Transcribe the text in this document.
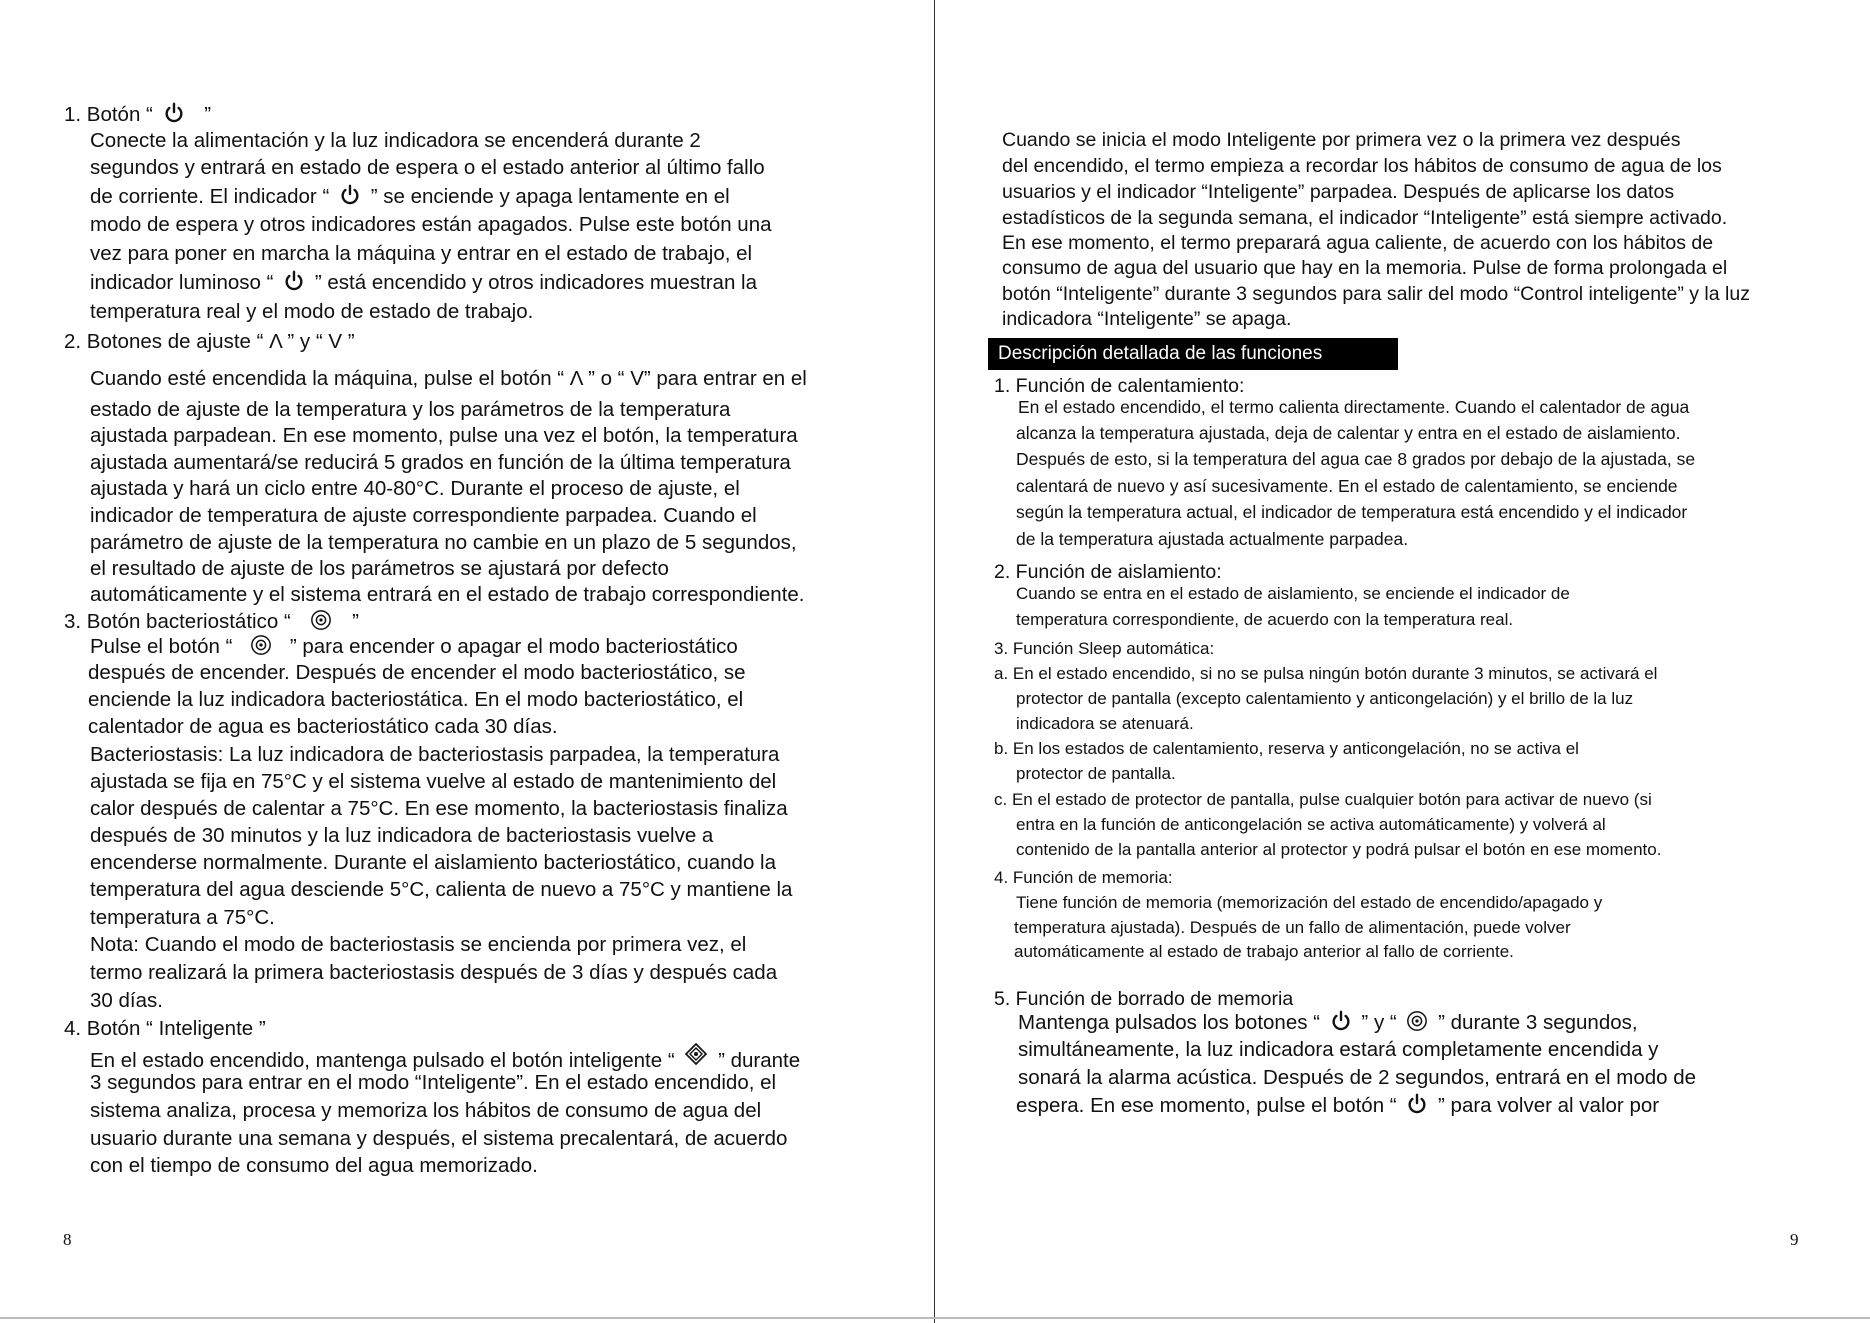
1. Botón “	”
Conecte la alimentación y la luz indicadora se encenderá durante 2
segundos y entrará en estado de espera o el estado anterior al último fallo
de corriente. El indicador “ ” se enciende y apaga lentamente en el
modo de espera y otros indicadores están apagados. Pulse este botón una
vez para poner en marcha la máquina y entrar en el estado de trabajo, el
indicador luminoso “ ” está encendido y otros indicadores muestran la
temperatura real y el modo de estado de trabajo.
2. Botones de ajuste “ Λ ” y “ V ”
Cuando esté encendida la máquina, pulse el botón “ Λ ” o “ V” para entrar en el
estado de ajuste de la temperatura y los parámetros de la temperatura
ajustada parpadean. En ese momento, pulse una vez el botón, la temperatura
ajustada aumentará/se reducirá 5 grados en función de la última temperatura
ajustada y hará un ciclo entre 40-80°C. Durante el proceso de ajuste, el
indicador de temperatura de ajuste correspondiente parpadea. Cuando el
parámetro de ajuste de la temperatura no cambie en un plazo de 5 segundos,
el resultado de ajuste de los parámetros se ajustará por defecto
automáticamente y el sistema entrará en el estado de trabajo correspondiente.
3. Botón bacteriostático “	”
Pulse el botón “	” para encender o apagar el modo bacteriostático
después de encender. Después de encender el modo bacteriostático, se
enciende la luz indicadora bacteriostática. En el modo bacteriostático, el
calentador de agua es bacteriostático cada 30 días.
Bacteriostasis: La luz indicadora de bacteriostasis parpadea, la temperatura
ajustada se fija en 75°C y el sistema vuelve al estado de mantenimiento del
calor después de calentar a 75°C. En ese momento, la bacteriostasis finaliza
después de 30 minutos y la luz indicadora de bacteriostasis vuelve a
encenderse normalmente. Durante el aislamiento bacteriostático, cuando la
temperatura del agua desciende 5°C, calienta de nuevo a 75°C y mantiene la
temperatura a 75°C.
Nota: Cuando el modo de bacteriostasis se encienda por primera vez, el
termo realizará la primera bacteriostasis después de 3 días y después cada
30 días.
4. Botón “ Inteligente ”
En el estado encendido, mantenga pulsado el botón inteligente “ ” durante
3 segundos para entrar en el modo “Inteligente”. En el estado encendido, el
sistema analiza, procesa y memoriza los hábitos de consumo de agua del
usuario durante una semana y después, el sistema precalentará, de acuerdo
con el tiempo de consumo del agua memorizado.
8
Cuando se inicia el modo Inteligente por primera vez o la primera vez después
del encendido, el termo empieza a recordar los hábitos de consumo de agua de los
usuarios y el indicador “Inteligente” parpadea. Después de aplicarse los datos
estadísticos de la segunda semana, el indicador “Inteligente” está siempre activado.
En ese momento, el termo preparará agua caliente, de acuerdo con los hábitos de
consumo de agua del usuario que hay en la memoria. Pulse de forma prolongada el
botón “Inteligente” durante 3 segundos para salir del modo “Control inteligente” y la luz
indicadora “Inteligente” se apaga.
Descripción detallada de las funciones
1. Función de calentamiento:
En el estado encendido, el termo calienta directamente. Cuando el calentador de agua
alcanza la temperatura ajustada, deja de calentar y entra en el estado de aislamiento.
Después de esto, si la temperatura del agua cae 8 grados por debajo de la ajustada, se
calentará de nuevo y así sucesivamente. En el estado de calentamiento, se enciende
según la temperatura actual, el indicador de temperatura está encendido y el indicador
de la temperatura ajustada actualmente parpadea.
2. Función de aislamiento:
Cuando se entra en el estado de aislamiento, se enciende el indicador de
temperatura correspondiente, de acuerdo con la temperatura real.
3. Función Sleep automática:
a. En el estado encendido, si no se pulsa ningún botón durante 3 minutos, se activará el
protector de pantalla (excepto calentamiento y anticongelación) y el brillo de la luz
indicadora se atenuará.
b. En los estados de calentamiento, reserva y anticongelación, no se activa el
protector de pantalla.
c. En el estado de protector de pantalla, pulse cualquier botón para activar de nuevo (si
entra en la función de anticongelación se activa automáticamente) y volverá al
contenido de la pantalla anterior al protector y podrá pulsar el botón en ese momento.
4. Función de memoria:
Tiene función de memoria (memorización del estado de encendido/apagado y
temperatura ajustada). Después de un fallo de alimentación, puede volver
automáticamente al estado de trabajo anterior al fallo de corriente.
5. Función de borrado de memoria
Mantenga pulsados los botones “ ” y “ ” durante 3 segundos,
simultáneamente, la luz indicadora estará completamente encendida y
sonará la alarma acústica. Después de 2 segundos, entrará en el modo de
espera. En ese momento, pulse el botón “ ” para volver al valor por
9
